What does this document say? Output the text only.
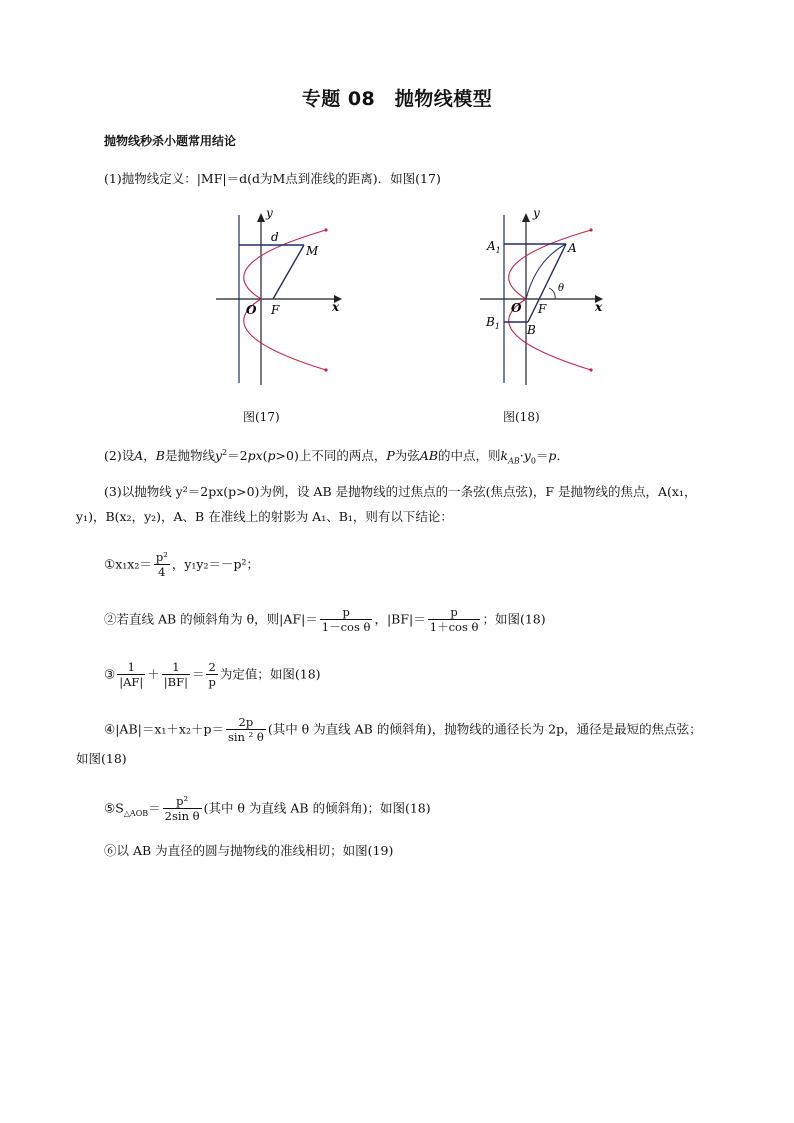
专题 08　抛物线模型
抛物线秒杀小题常用结论
(1)抛物线定义：|MF|＝d(d为M点到准线的距离)．如图(17)
y
x
O F
M
d
图(17)
y
x
O F
A
B
θ
$A_1$
$B_1$
图(18)
(2)设A，B是抛物线$y^2=2px(p>0)$上不同的两点，P为弦AB的中点，则$k_{AB}\cdot y_0=p$．
(3)以抛物线 y²＝2px(p>0)为例，设 AB 是抛物线的过焦点的一条弦(焦点弦)，F 是抛物线的焦点，A(x₁，
y₁)，B(x₂，y₂)，A、B 在准线上的射影为 A₁、B₁，则有以下结论：
①x₁x₂＝ $\frac{\text{p²}}{4}$ ，y₁y₂＝－p²；
②若直线 AB 的倾斜角为 θ，则$|AF|= \frac{p}{\text{1－cos θ}}$ ，$|BF|= \frac{p}{\text{1＋cos θ}}$ ；如图(18)
③ $\frac{1}{|AF|} + \frac{1}{|BF|} = \frac{2}{p}$ 为定值；如图(18)
④|AB|＝x₁＋x₂＋p＝ $\frac{2p}{\text{sin ² θ}}$ (其中 θ 为直线 AB 的倾斜角)，抛物线的通径长为 2p，通径是最短的焦点弦；
如图(18)
$⑤S_{\triangle AOB}= \frac{\text{p²}}{\text{2sin θ}}$ (其中 θ 为直线 AB 的倾斜角)；如图(18)
⑥以 AB 为直径的圆与抛物线的准线相切；如图(19)
